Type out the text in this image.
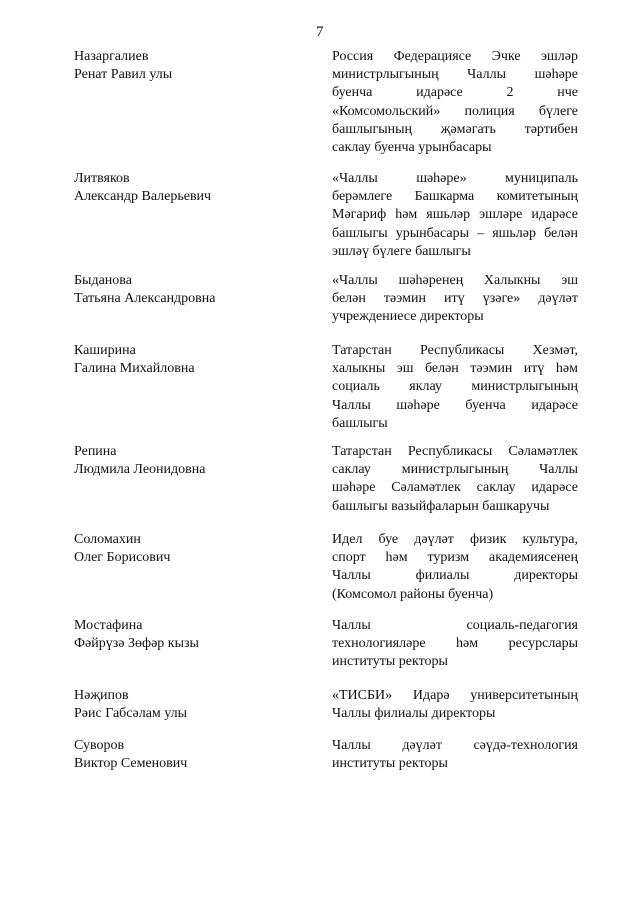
7
Назаргалиев
Ренат Равил улы
Россия Федерациясе Эчке эшләр
министрлыгының Чаллы шәһәре
буенча	идарәсе	2	нче
«Комсомольский» полиция бүлеге
башлыгының җәмәгать тәртибен
саклау буенча урынбасары
Литвяков
Александр Валерьевич
«Чаллы	шәһәре»	муниципаль
берәмлеге Башкарма комитетының
Мәгариф һәм яшьләр эшләре идарәсе
башлыгы урынбасары – яшьләр белән
эшләү бүлеге башлыгы
Быданова
Татьяна Александровна
«Чаллы шәһәренең Халыкны эш
белән тәэмин итү үзәге» дәүләт
учреждениесе директоры
Каширина
Галина Михайловна
Татарстан Республикасы Хезмәт,
халыкны эш белән тәэмин итү һәм
социаль яклау министрлыгының
Чаллы шәһәре буенча идарәсе
башлыгы
Репина
Людмила Леонидовна
Татарстан Республикасы Сәламәтлек
саклау министрлыгының Чаллы
шәһәре Сәламәтлек саклау идарәсе
башлыгы вазыйфаларын башкаручы
Соломахин
Олег Борисович
Идел буе дәүләт физик культура,
спорт һәм туризм академиясенең
Чаллы	филиалы	директоры
(Комсомол районы буенча)
Мостафина
Фәйрүзә Зөфәр кызы
Чаллы	социаль-педагогия
технологияләре һәм ресурслары
институты ректоры
Нәҗипов
Рәис Габсәлам улы
«ТИСБИ» Идарә университетының
Чаллы филиалы директоры
Суворов
Виктор Семенович
Чаллы дәүләт сәүдә-технология
институты ректоры
